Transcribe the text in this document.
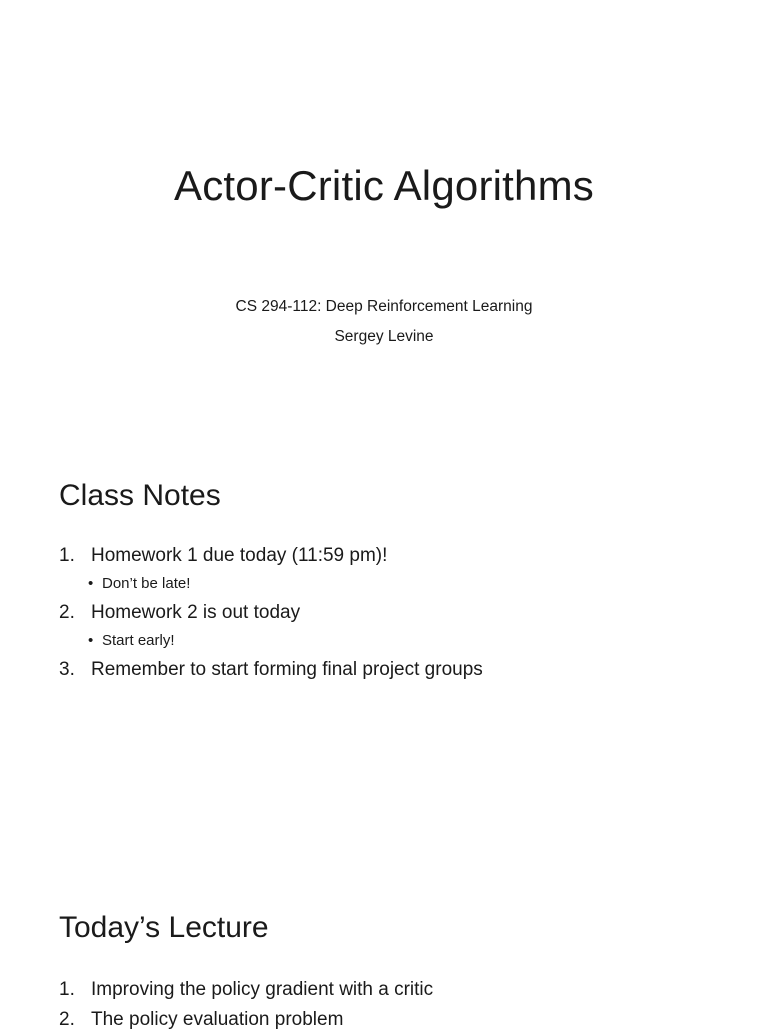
Actor-Critic Algorithms

CS 294-112: Deep Reinforcement Learning

Sergey Levine

Class Notes
1. Homework 1 due today (11:59 pm)!
• Don’t be late!
2. Homework 2 is out today
• Start early!
3. Remember to start forming final project groups
Today’s Lecture
1. Improving the policy gradient with a critic
2. The policy evaluation problem
